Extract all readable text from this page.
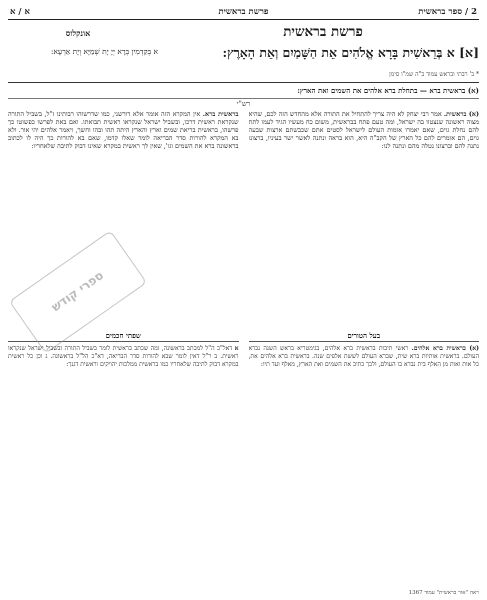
2 / ספר בראשית
פרשת בראשית
א / א
פרשת בראשית
אונקלוס
[א] א בְּרֵאשִׁית בָּרָא אֱלֹהִים אֵת הַשָּׁמַיִם וְאֵת הָאָרֶץ:
א בְּקַדְמִין בְּרָא יְיָ יָת שְׁמַיָּא וְיָת אַרְעָא:
* ב' רבתי ובראש עמוד ב"ה שמ"ו סימן
(א) בראשית ברא — בתחלת ברא אלהים את השמים ואת הארץ:
רש"י
(א) בראשית. אמר רבי יצחק לא היה צריך להתחיל את התורה אלא מהחדש הזה לכם, שהיא מצוה ראשונה שנצטוו בה ישראל, ומה טעם פתח בבראשית, משום כח מעשיו הגיד לעמו לתת להם נחלת גוים, שאם יאמרו אומות העולם לישראל לסטים אתם שכבשתם ארצות שבעה גוים, הם אומרים להם כל הארץ של הקב"ה היא, הוא בראה ונתנה לאשר ישר בעיניו, ברצונו נתנה להם וברצונו נטלה מהם ונתנה לנו:
בראשית ברא. אין המקרא הזה אומר אלא דורשני, כמו שדרשוהו רבותינו ז"ל, בשביל התורה שנקראת ראשית דרכו, ובשביל ישראל שנקראו ראשית תבואתו. ואם באת לפרשו כפשוטו כך פרשהו, בראשית בריאת שמים וארץ והארץ היתה תהו ובהו וחשך, ויאמר אלהים יהי אור. ולא בא המקרא להורות סדר הבריאה לומר שאלו קדמו, שאם בא להורות כך היה לו לכתוב בראשונה ברא את השמים וגו', שאין לך ראשית במקרא שאינו דבוק לתיבה שלאחריו:
ספרי קודש
בעל הטורים
שפתי חכמים
(א) בראשית ברא אלהים. ראשי תיבות בראשית ברא אלהים, בגימטריא בראש השנה נברא העולם. בראשית אותיות ברא שית, שברא העולם לששת אלפים שנה. בראשית ברא אלהים את, כל אות ואות מן האלף בית נברא בו העולם, ולכך כתיב את השמים ואת הארץ, מאלף ועד תיו:
א דאל"כ ה"ל למכתב בראשונה, ומה שכתב בראשית לומר בשביל התורה ובשביל ישראל שנקראו ראשית. ב ר"ל דאין לומר שבא להורות סדר הבריאה, דא"כ הל"ל בראשונה. ג וכן כל ראשית במקרא דבוק לתיבה שלאחריו כמו בראשית ממלכות יהויקים וראשית דגנך:
ראה "אור בראשית" עמוד 1367
